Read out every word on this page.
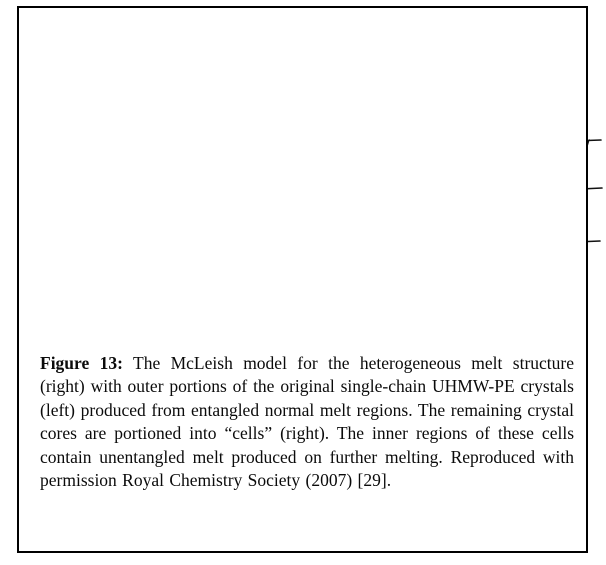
Figure 13: The McLeish model for the heterogeneous melt structure (right) with outer portions of the original single-chain UHMW-PE crystals (left) produced from entangled normal melt regions. The remaining crystal cores are portioned into “cells” (right). The inner regions of these cells contain unentangled melt produced on further melting. Reproduced with permission Royal Chemistry Society (2007) [29].
